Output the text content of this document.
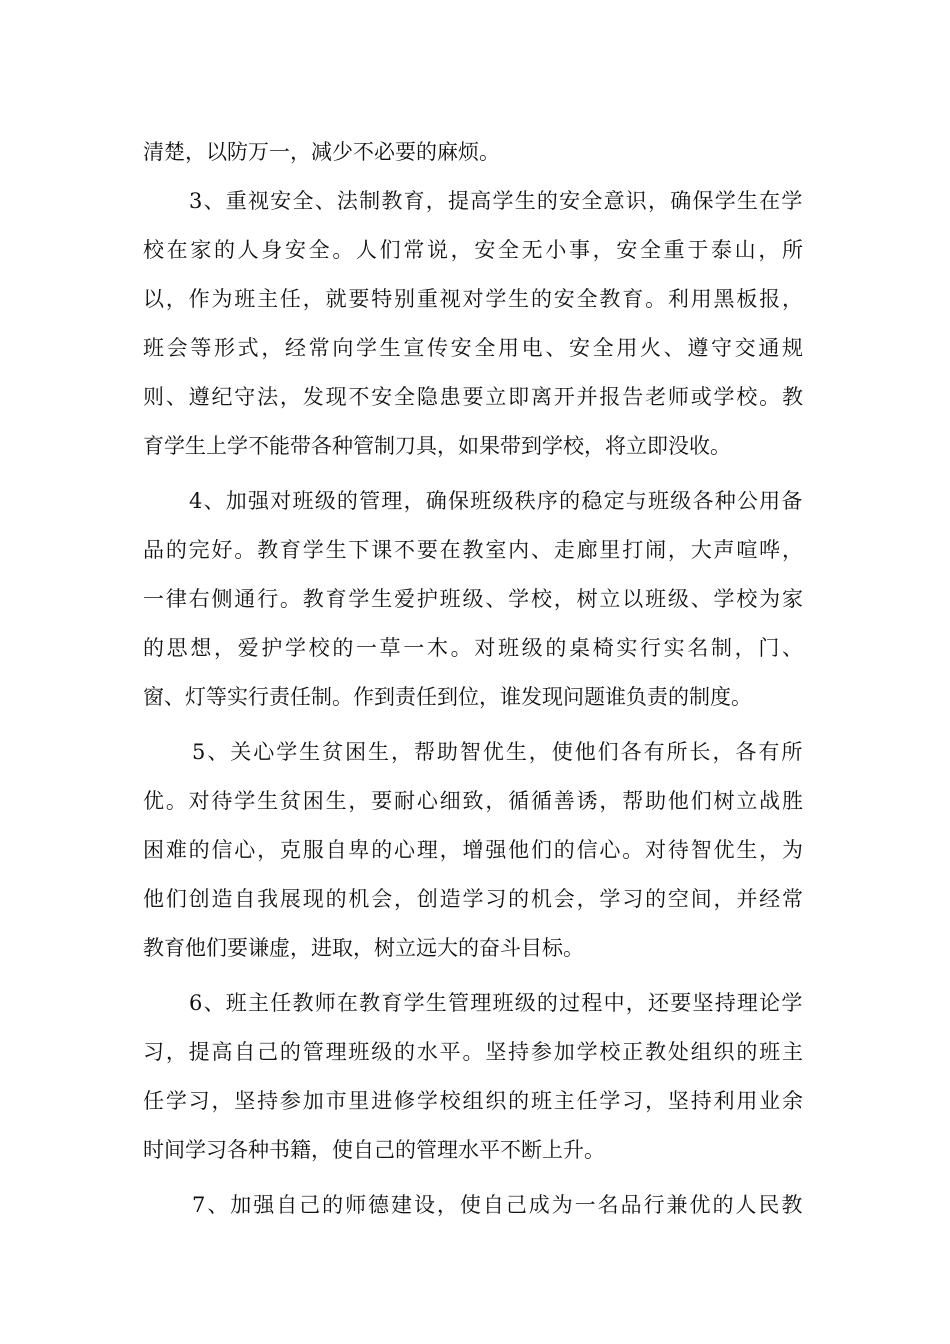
清楚，以防万一，减少不必要的麻烦。
3、重视安全、法制教育，提高学生的安全意识，确保学生在学
校在家的人身安全。人们常说，安全无小事，安全重于泰山，所
以，作为班主任，就要特别重视对学生的安全教育。利用黑板报，
班会等形式，经常向学生宣传安全用电、安全用火、遵守交通规
则、遵纪守法，发现不安全隐患要立即离开并报告老师或学校。教
育学生上学不能带各种管制刀具，如果带到学校，将立即没收。
4、加强对班级的管理，确保班级秩序的稳定与班级各种公用备
品的完好。教育学生下课不要在教室内、走廊里打闹，大声喧哗，
一律右侧通行。教育学生爱护班级、学校，树立以班级、学校为家
的思想，爱护学校的一草一木。对班级的桌椅实行实名制，门、
窗、灯等实行责任制。作到责任到位，谁发现问题谁负责的制度。
5、关心学生贫困生，帮助智优生，使他们各有所长，各有所
优。对待学生贫困生，要耐心细致，循循善诱，帮助他们树立战胜
困难的信心，克服自卑的心理，增强他们的信心。对待智优生，为
他们创造自我展现的机会，创造学习的机会，学习的空间，并经常
教育他们要谦虚，进取，树立远大的奋斗目标。
6、班主任教师在教育学生管理班级的过程中，还要坚持理论学
习，提高自己的管理班级的水平。坚持参加学校正教处组织的班主
任学习，坚持参加市里进修学校组织的班主任学习，坚持利用业余
时间学习各种书籍，使自己的管理水平不断上升。
7、加强自己的师德建设，使自己成为一名品行兼优的人民教
